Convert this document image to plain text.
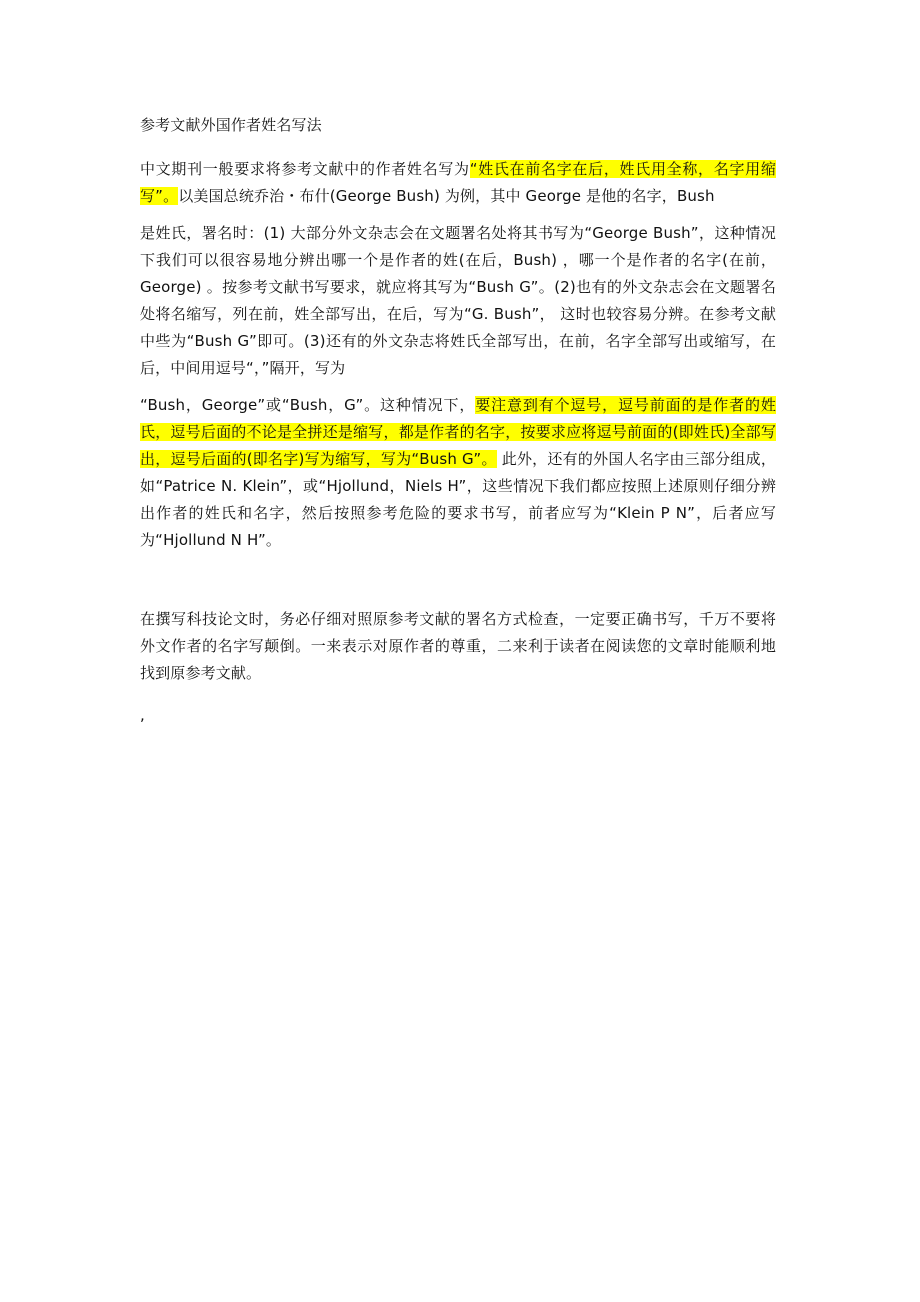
参考文献外国作者姓名写法

中文期刊一般要求将参考文献中的作者姓名写为“姓氏在前名字在后，姓氏用全称，名字用缩写”。以美国总统乔治・布什(George Bush) 为例，其中 George 是他的名字，Bush

是姓氏，署名时：(1) 大部分外文杂志会在文题署名处将其书写为“George Bush”，这种情况下我们可以很容易地分辨出哪一个是作者的姓(在后，Bush) ，哪一个是作者的名字(在前，George) 。按参考文献书写要求，就应将其写为“Bush G”。(2)也有的外文杂志会在文题署名处将名缩写，列在前，姓全部写出，在后，写为“G. Bush”， 这时也较容易分辨。在参考文献中些为“Bush G”即可。(3)还有的外文杂志将姓氏全部写出，在前，名字全部写出或缩写，在后，中间用逗号“，”隔开，写为

“Bush，George”或“Bush，G”。这种情况下，要注意到有个逗号，逗号前面的是作者的姓氏，逗号后面的不论是全拼还是缩写，都是作者的名字，按要求应将逗号前面的(即姓氏)全部写出，逗号后面的(即名字)写为缩写，写为“Bush G”。 此外，还有的外国人名字由三部分组成，如“Patrice N. Klein”，或“Hjollund，Niels H”，这些情况下我们都应按照上述原则仔细分辨出作者的姓氏和名字，然后按照参考危险的要求书写，前者应写为“Klein P N”，后者应写为“Hjollund N H”。

在撰写科技论文时，务必仔细对照原参考文献的署名方式检查，一定要正确书写，千万不要将外文作者的名字写颠倒。一来表示对原作者的尊重，二来利于读者在阅读您的文章时能顺利地找到原参考文献。

,
